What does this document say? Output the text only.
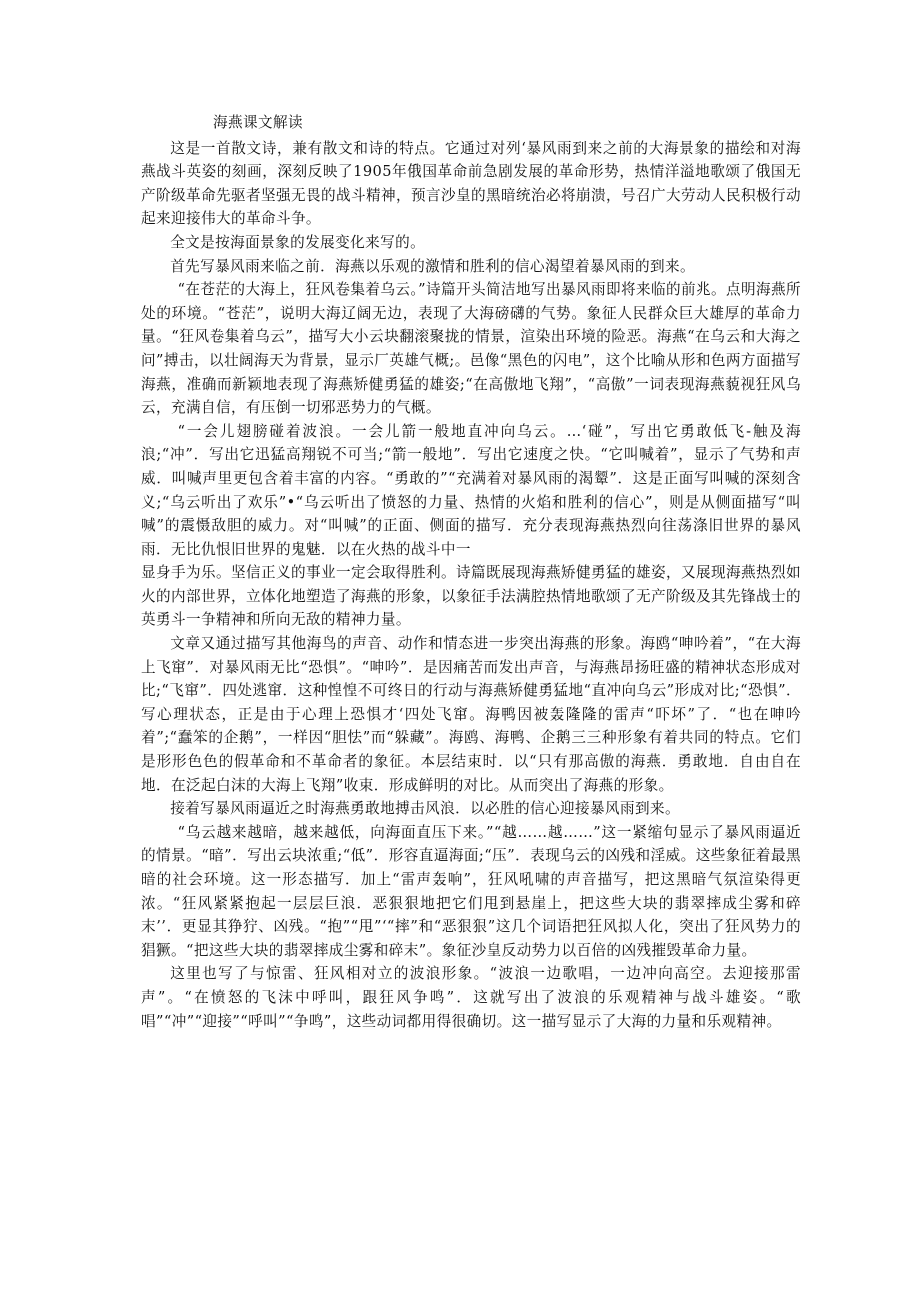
海燕课文解读

这是一首散文诗，兼有散文和诗的特点。它通过对列‘暴风雨到来之前的大海景象的描绘和对海燕战斗英姿的刻画，深刻反映了1905年俄国革命前急剧发展的革命形势，热情洋溢地歌颂了俄国无产阶级革命先驱者坚强无畏的战斗精神，预言沙皇的黑暗统治必将崩溃，号召广大劳动人民积极行动起来迎接伟大的革命斗争。

全文是按海面景象的发展变化来写的。

首先写暴风雨来临之前．海燕以乐观的激情和胜利的信心渴望着暴风雨的到来。

“在苍茫的大海上，狂风卷集着乌云。”诗篇开头简洁地写出暴风雨即将来临的前兆。点明海燕所处的环境。“苍茫”，说明大海辽阔无边，表现了大海磅礴的气势。象征人民群众巨大雄厚的革命力量。“狂风卷集着乌云”，描写大小云块翻滚聚拢的情景，渲染出环境的险恶。海燕“在乌云和大海之问”搏击，以壮阔海天为背景，显示厂英雄气概;。邑像“黑色的闪电”，这个比喻从形和色两方面描写海燕，准确而新颖地表现了海燕矫健勇猛的雄姿;“在高傲地飞翔”，“高傲”一词表现海燕藐视狂风乌云，充满自信，有压倒一切邪恶势力的气概。

“一会儿翅膀碰着波浪。一会儿箭一般地直冲向乌云。…‘碰”，写出它勇敢低飞-触及海浪;“冲”．写出它迅猛高翔锐不可当;“箭一般地”．写出它速度之快。“它叫喊着”，显示了气势和声威．叫喊声里更包含着丰富的内容。“勇敢的”“充满着对暴风雨的渴颦”．这是正面写叫喊的深刻含义;“乌云听出了欢乐”•“乌云听出了愤怒的力量、热情的火焰和胜利的信心”，则是从侧面描写“叫喊”的震慑敌胆的威力。对“叫喊”的正面、侧面的描写．充分表现海燕热烈向往荡涤旧世界的暴风雨．无比仇恨旧世界的鬼魅．以在火热的战斗中一

显身手为乐。坚信正义的事业一定会取得胜利。诗篇既展现海燕矫健勇猛的雄姿，又展现海燕热烈如火的内部世界，立体化地塑造了海燕的形象，以象征手法满腔热情地歌颂了无产阶级及其先锋战士的英勇斗一争精神和所向无敌的精神力量。

文章又通过描写其他海鸟的声音、动作和情态进一步突出海燕的形象。海鸥“呻吟着”，“在大海上飞窜”．对暴风雨无比“恐惧”。“呻吟”．是因痛苦而发出声音，与海燕昂扬旺盛的精神状态形成对比;“飞窜”．四处逃窜．这种惶惶不可终日的行动与海燕矫健勇猛地“直冲向乌云”形成对比;“恐惧”．写心理状态，正是由于心理上恐惧才‘四处飞窜。海鸭因被轰隆隆的雷声“吓坏”了．“也在呻吟着”;“蠢笨的企鹅”，一样因“胆怯”而“躲藏”。海鸥、海鸭、企鹅三三种形象有着共同的特点。它们是形形色色的假革命和不革命者的象征。本层结束时．以“只有那高傲的海燕．勇敢地．自由自在地．在泛起白沫的大海上飞翔”收束．形成鲜明的对比。从而突出了海燕的形象。

接着写暴风雨逼近之时海燕勇敢地搏击风浪．以必胜的信心迎接暴风雨到来。

“乌云越来越暗，越来越低，向海面直压下来。”“越……越……”这一紧缩句显示了暴风雨逼近的情景。“暗”．写出云块浓重;“低”．形容直逼海面;“压”．表现乌云的凶残和淫威。这些象征着最黑暗的社会环境。这一形态描写．加上“雷声轰响”，狂风吼啸的声音描写，把这黑暗气氛渲染得更浓。“狂风紧紧抱起一层层巨浪．恶狠狠地把它们甩到悬崖上，把这些大块的翡翠摔成尘雾和碎末’’．更显其狰狞、凶残。“抱”“甩”‘“摔”和“恶狠狠”这几个词语把狂风拟人化，突出了狂风势力的猖獗。“把这些大块的翡翠摔成尘雾和碎末”。象征沙皇反动势力以百倍的凶残摧毁革命力量。

这里也写了与惊雷、狂风相对立的波浪形象。“波浪一边歌唱，一边冲向高空。去迎接那雷声”。“在愤怒的飞沫中呼叫，跟狂风争鸣”．这就写出了波浪的乐观精神与战斗雄姿。“歌唱”“冲”“迎接”“呼叫”“争鸣”，这些动词都用得很确切。这一描写显示了大海的力量和乐观精神。
